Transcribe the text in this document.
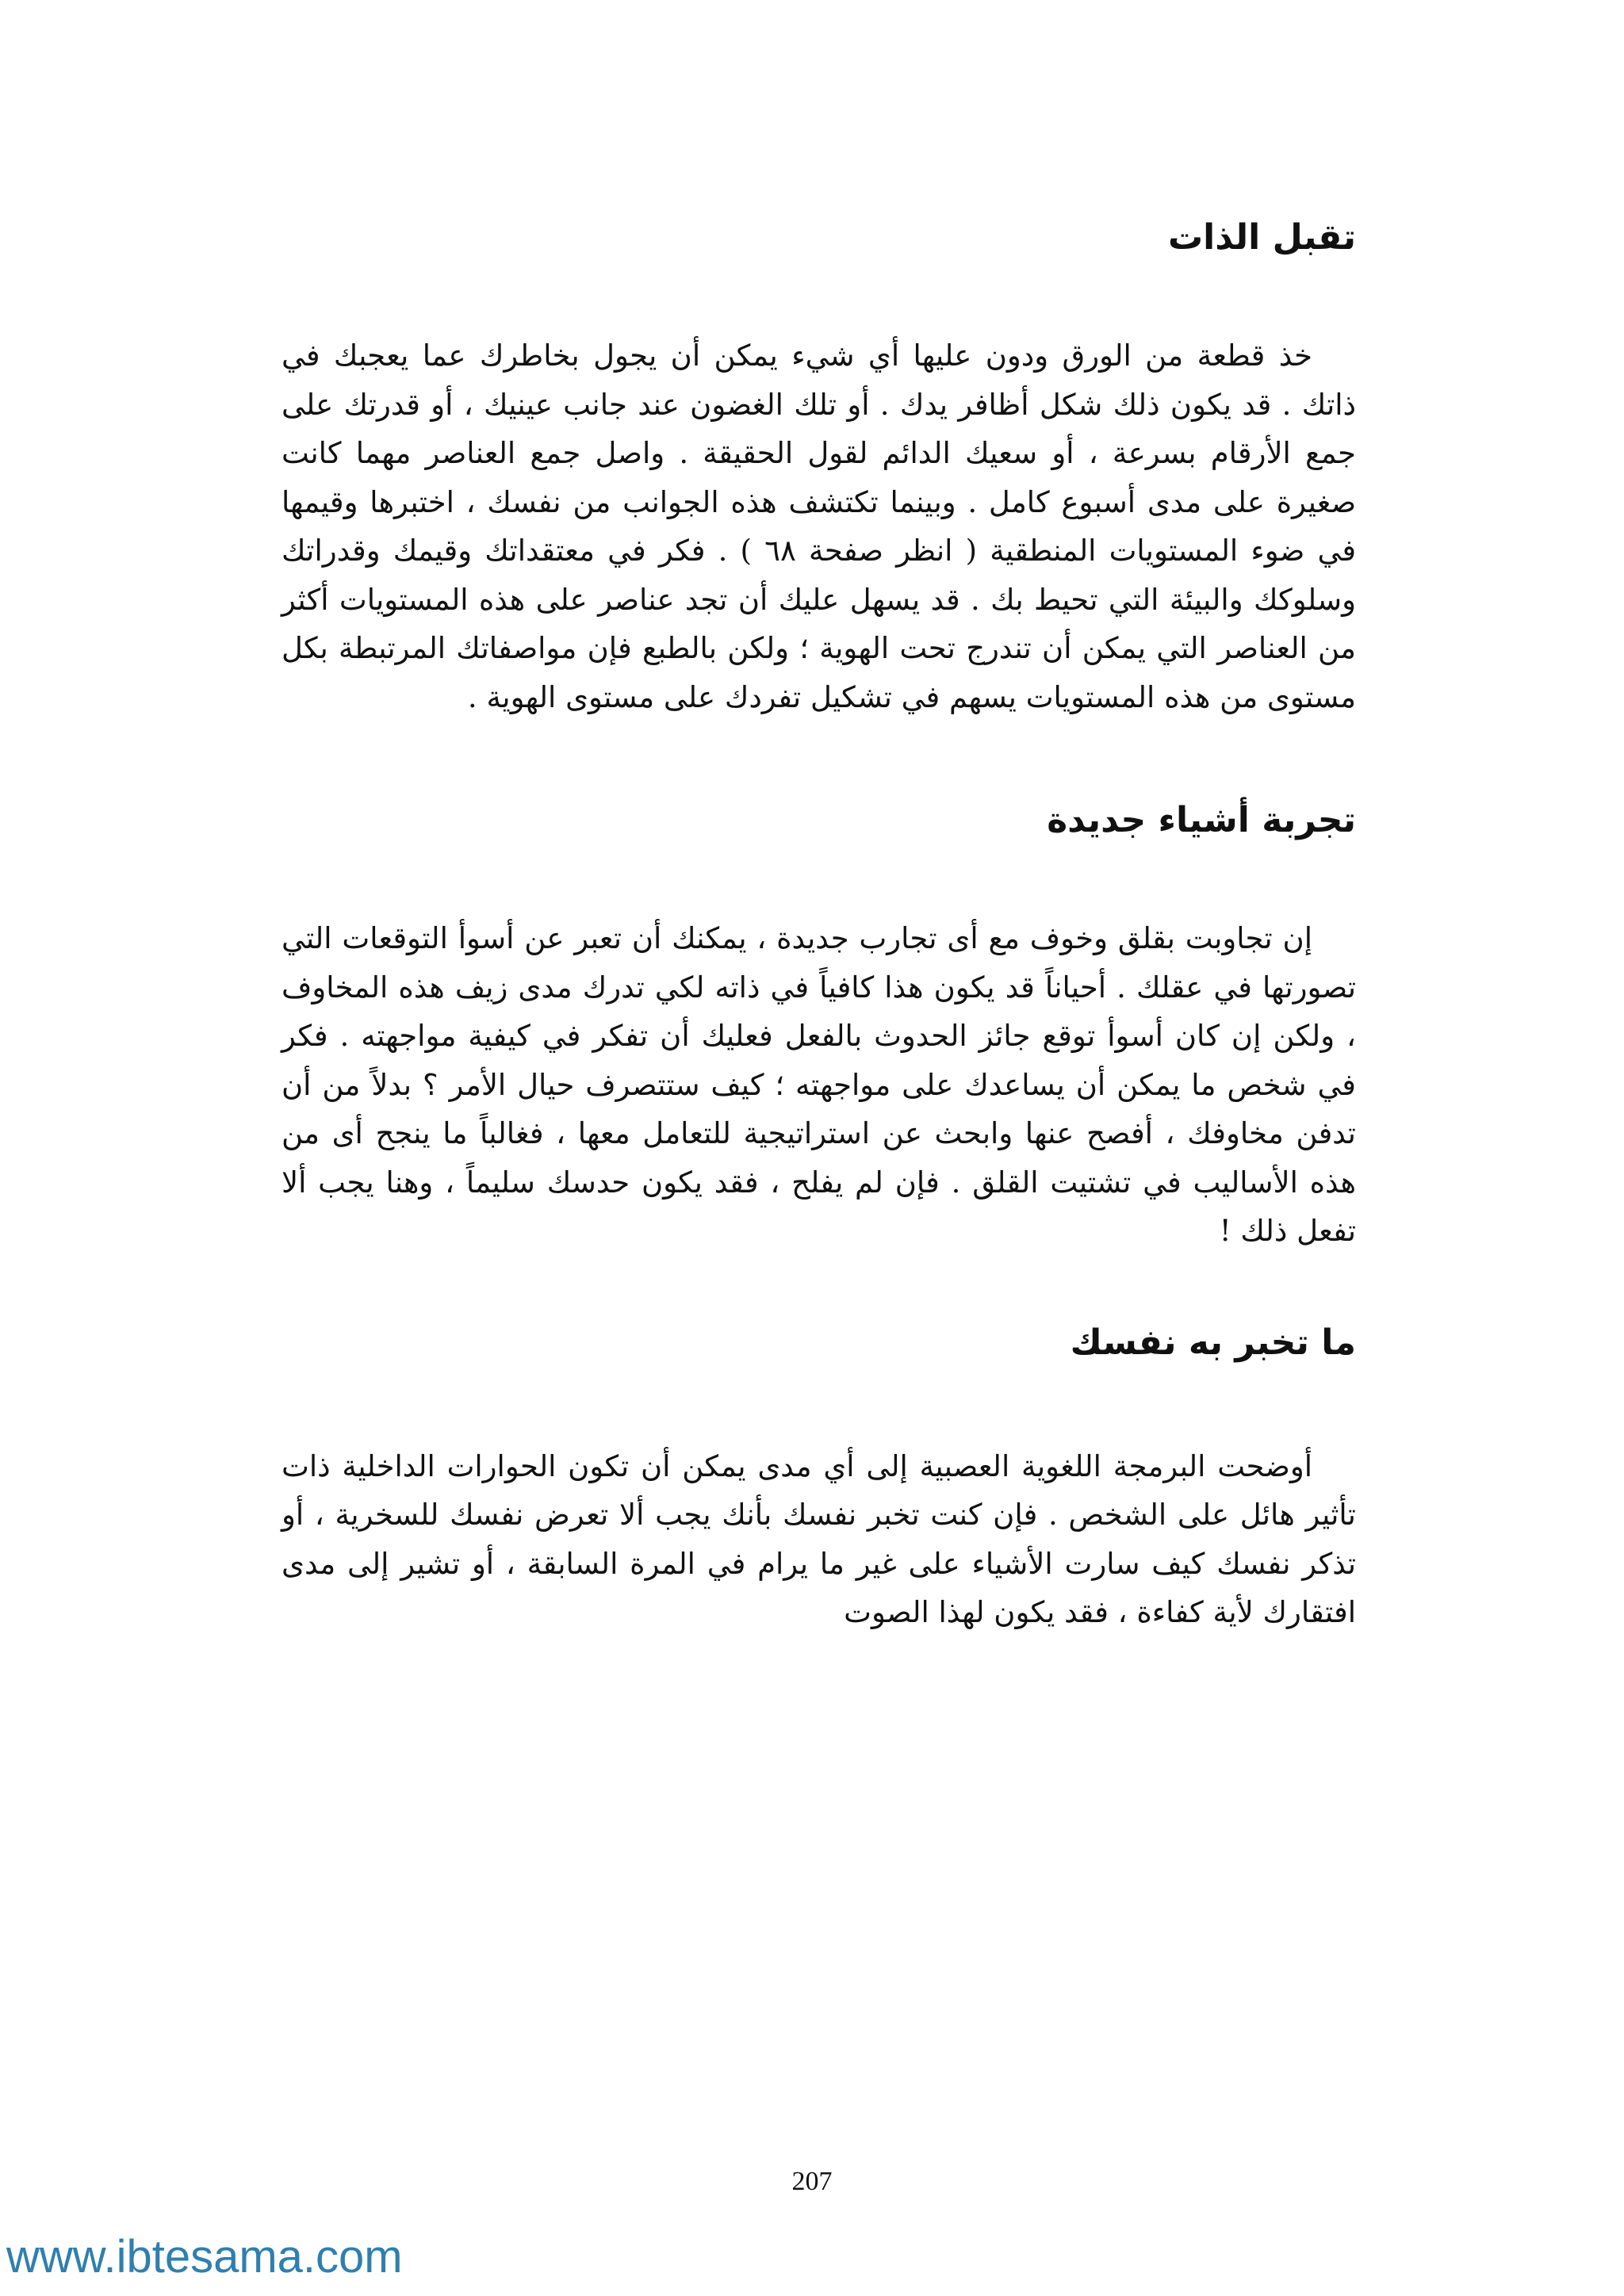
تقبل الذات

خذ قطعة من الورق ودون عليها أي شيء يمكن أن يجول بخاطرك عما يعجبك في ذاتك . قد يكون ذلك شكل أظافر يدك . أو تلك الغضون عند جانب عينيك ، أو قدرتك على جمع الأرقام بسرعة ، أو سعيك الدائم لقول الحقيقة . واصل جمع العناصر مهما كانت صغيرة على مدى أسبوع كامل . وبينما تكتشف هذه الجوانب من نفسك ، اختبرها وقيمها في ضوء المستويات المنطقية ( انظر صفحة ٦٨ ) . فكر في معتقداتك وقيمك وقدراتك وسلوكك والبيئة التي تحيط بك . قد يسهل عليك أن تجد عناصر على هذه المستويات أكثر من العناصر التي يمكن أن تندرج تحت الهوية ؛ ولكن بالطبع فإن مواصفاتك المرتبطة بكل مستوى من هذه المستويات يسهم في تشكيل تفردك على مستوى الهوية .

تجربة أشياء جديدة

إن تجاوبت بقلق وخوف مع أى تجارب جديدة ، يمكنك أن تعبر عن أسوأ التوقعات التي تصورتها في عقلك . أحياناً قد يكون هذا كافياً في ذاته لكي تدرك مدى زيف هذه المخاوف ، ولكن إن كان أسوأ توقع جائز الحدوث بالفعل فعليك أن تفكر في كيفية مواجهته . فكر في شخص ما يمكن أن يساعدك على مواجهته ؛ كيف ستتصرف حيال الأمر ؟ بدلاً من أن تدفن مخاوفك ، أفصح عنها وابحث عن استراتيجية للتعامل معها ، فغالباً ما ينجح أى من هذه الأساليب في تشتيت القلق . فإن لم يفلح ، فقد يكون حدسك سليماً ، وهنا يجب ألا تفعل ذلك !

ما تخبر به نفسك

أوضحت البرمجة اللغوية العصبية إلى أي مدى يمكن أن تكون الحوارات الداخلية ذات تأثير هائل على الشخص . فإن كنت تخبر نفسك بأنك يجب ألا تعرض نفسك للسخرية ، أو تذكر نفسك كيف سارت الأشياء على غير ما يرام في المرة السابقة ، أو تشير إلى مدى افتقارك لأية كفاءة ، فقد يكون لهذا الصوت

207
www.ibtesama.com
